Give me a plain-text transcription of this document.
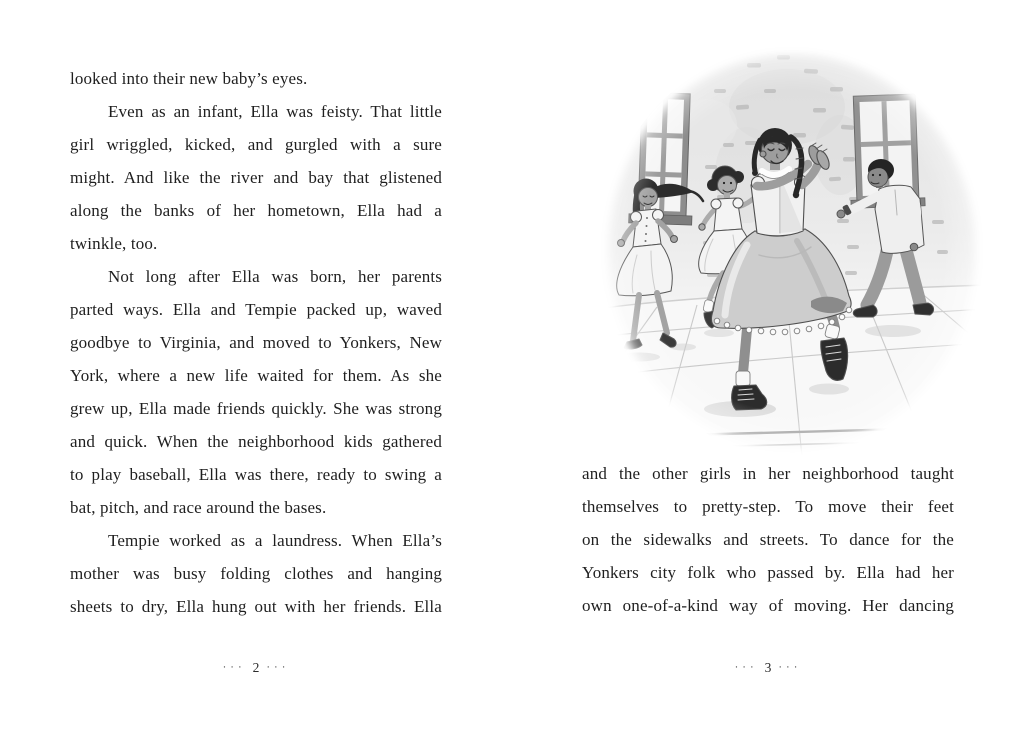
looked into their new baby’s eyes.

Even as an infant, Ella was feisty. That little

girl wriggled, kicked, and gurgled with a sure

might. And like the river and bay that glistened

along the banks of her hometown, Ella had a

twinkle, too.

Not long after Ella was born, her parents

parted ways. Ella and Tempie packed up, waved

goodbye to Virginia, and moved to Yonkers, New

York, where a new life waited for them. As she

grew up, Ella made friends quickly. She was strong

and quick. When the neighborhood kids gathered

to play baseball, Ella was there, ready to swing a

bat, pitch, and race around the bases.

Tempie worked as a laundress. When Ella’s

mother was busy folding clothes and hanging

sheets to dry, Ella hung out with her friends. Ella

and the other girls in her neighborhood taught

themselves to pretty-step. To move their feet

on the sidewalks and streets. To dance for the

Yonkers city folk who passed by. Ella had her

own one-of-a-kind way of moving. Her dancing

··· 2 ···	··· 3 ···
